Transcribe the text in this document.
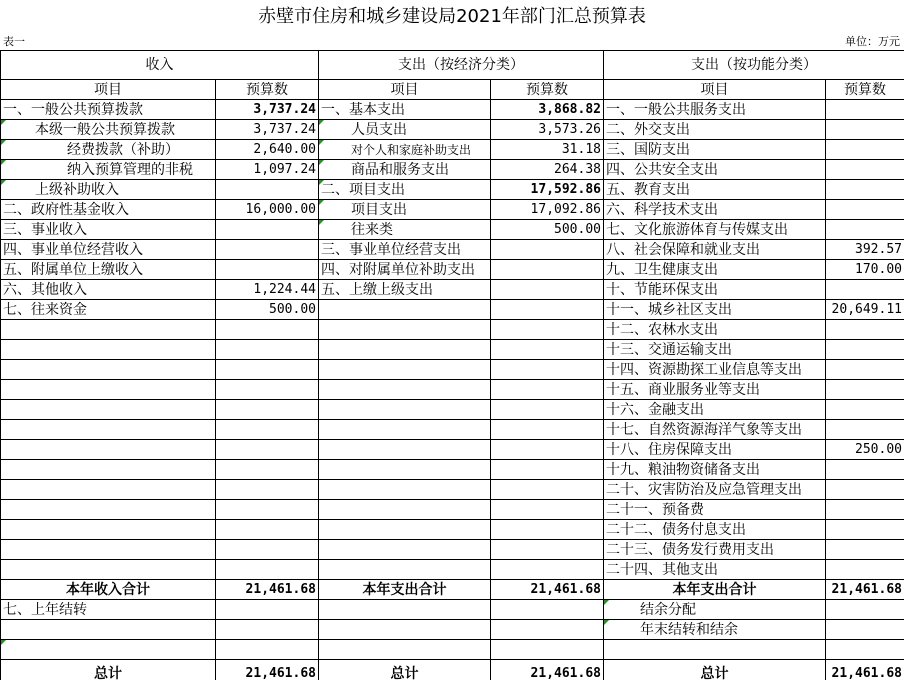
赤壁市住房和城乡建设局2021年部门汇总预算表
表一	单位：万元
收入		支出（按经济分类）		支出（按功能分类）	
项目	预算数	项目	预算数	项目	预算数
一、一般公共预算拨款	3,737.24	一、基本支出	3,868.82	一、一般公共服务支出	
本级一般公共预算拨款	3,737.24	人员支出	3,573.26	二、外交支出	
经费拨款（补助）	2,640.00	对个人和家庭补助支出	31.18	三、国防支出	
纳入预算管理的非税	1,097.24	商品和服务支出	264.38	四、公共安全支出	
上级补助收入		二、项目支出	17,592.86	五、教育支出	
二、政府性基金收入	16,000.00	项目支出	17,092.86	六、科学技术支出	
三、事业收入		往来类	500.00	七、文化旅游体育与传媒支出	
四、事业单位经营收入		三、事业单位经营支出		八、社会保障和就业支出	392.57
五、附属单位上缴收入		四、对附属单位补助支出		九、卫生健康支出	170.00
六、其他收入	1,224.44	五、上缴上级支出		十、节能环保支出	
七、往来资金	500.00			十一、城乡社区支出	20,649.11
				十二、农林水支出	
				十三、交通运输支出	
				十四、资源勘探工业信息等支出	
				十五、商业服务业等支出	
				十六、金融支出	
				十七、自然资源海洋气象等支出	
				十八、住房保障支出	250.00
				十九、粮油物资储备支出	
				二十、灾害防治及应急管理支出	
				二十一、预备费	
				二十二、债务付息支出	
				二十三、债务发行费用支出	
				二十四、其他支出	
本年收入合计	21,461.68	本年支出合计	21,461.68	本年支出合计	21,461.68
七、上年结转				结余分配	
				年末结转和结余	

总计	21,461.68	总计	21,461.68	总计	21,461.68
